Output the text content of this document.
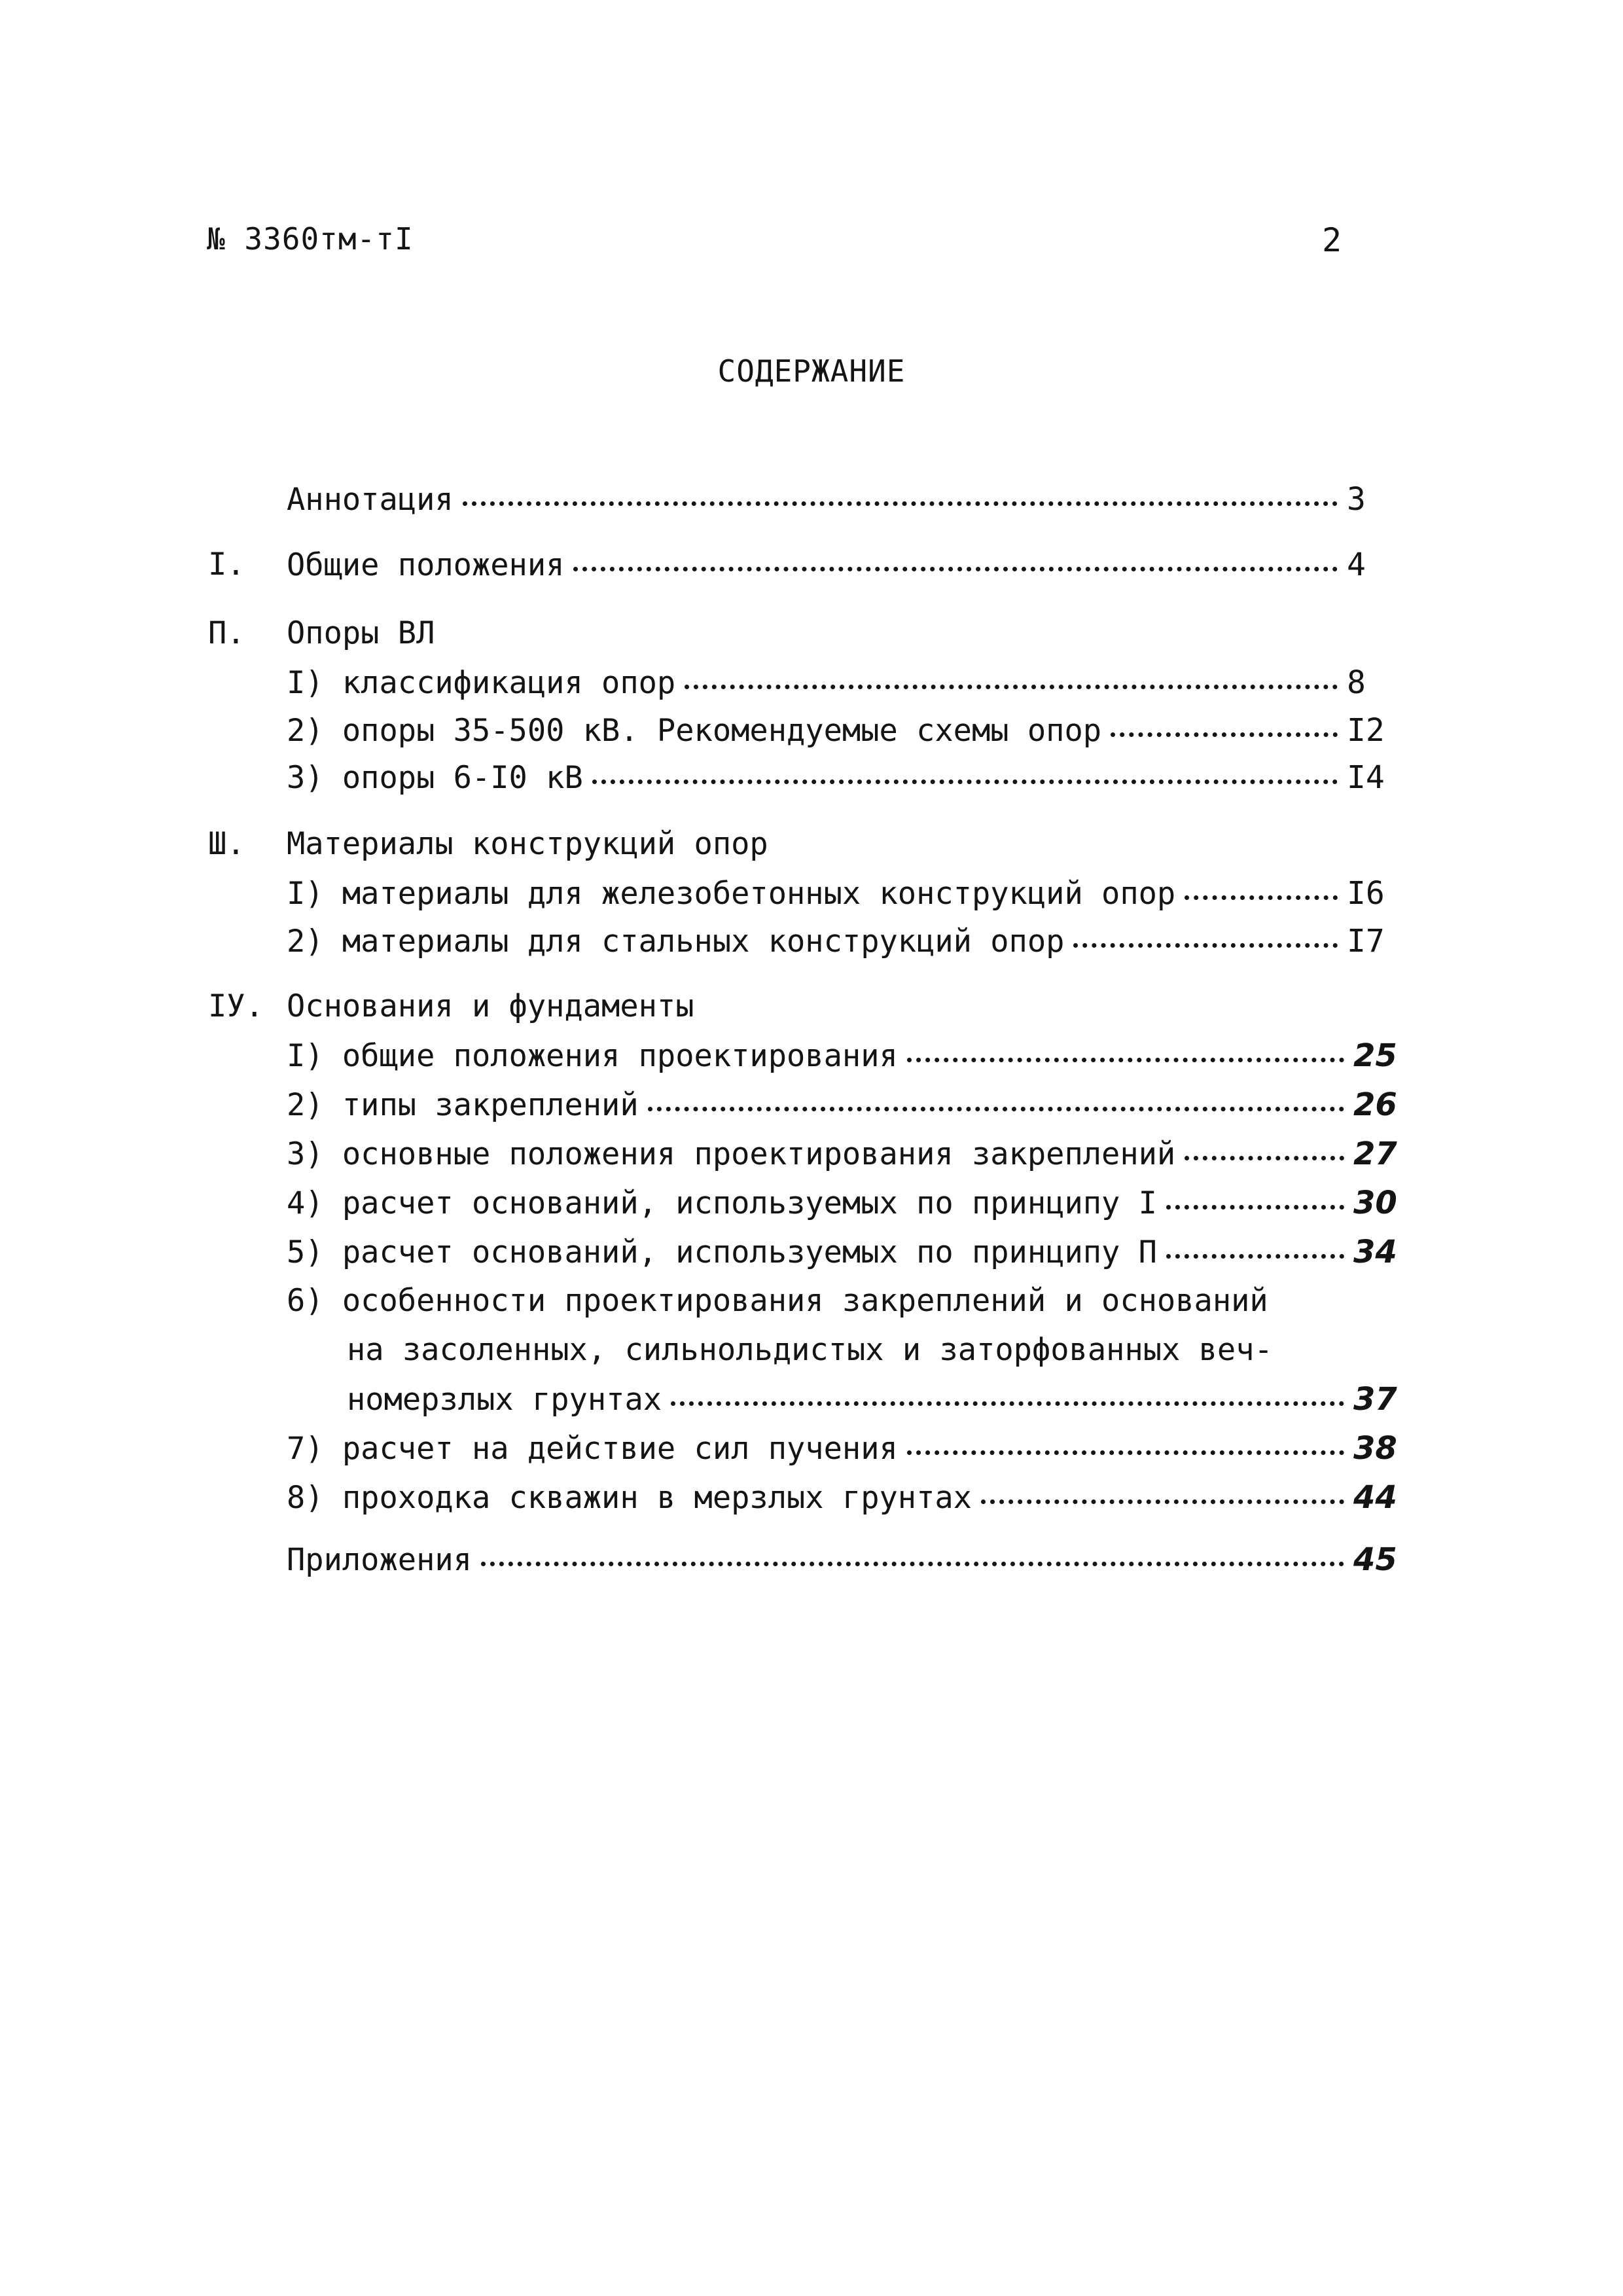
№ 3360тм-тI	2
СОДЕРЖАНИЕ
Аннотация	3
I. Общие положения	4
П. Опоры ВЛ
I) классификация опор	8
2) опоры 35-500 кВ. Рекомендуемые схемы опор	I2
3) опоры 6-I0 кВ	I4
Ш. Материалы конструкций опор
I) материалы для железобетонных конструкций опор	I6
2) материалы для стальных конструкций опор	I7
IУ. Основания и фундаменты
I) общие положения проектирования	25
2) типы закреплений	26
3) основные положения проектирования закреплений	27
4) расчет оснований, используемых по принципу I	30
5) расчет оснований, используемых по принципу П	34
6) особенности проектирования закреплений и оснований
на засоленных, сильнольдистых и заторфованных веч-
номерзлых грунтах	37
7) расчет на действие сил пучения	38
8) проходка скважин в мерзлых грунтах	44
Приложения	45
